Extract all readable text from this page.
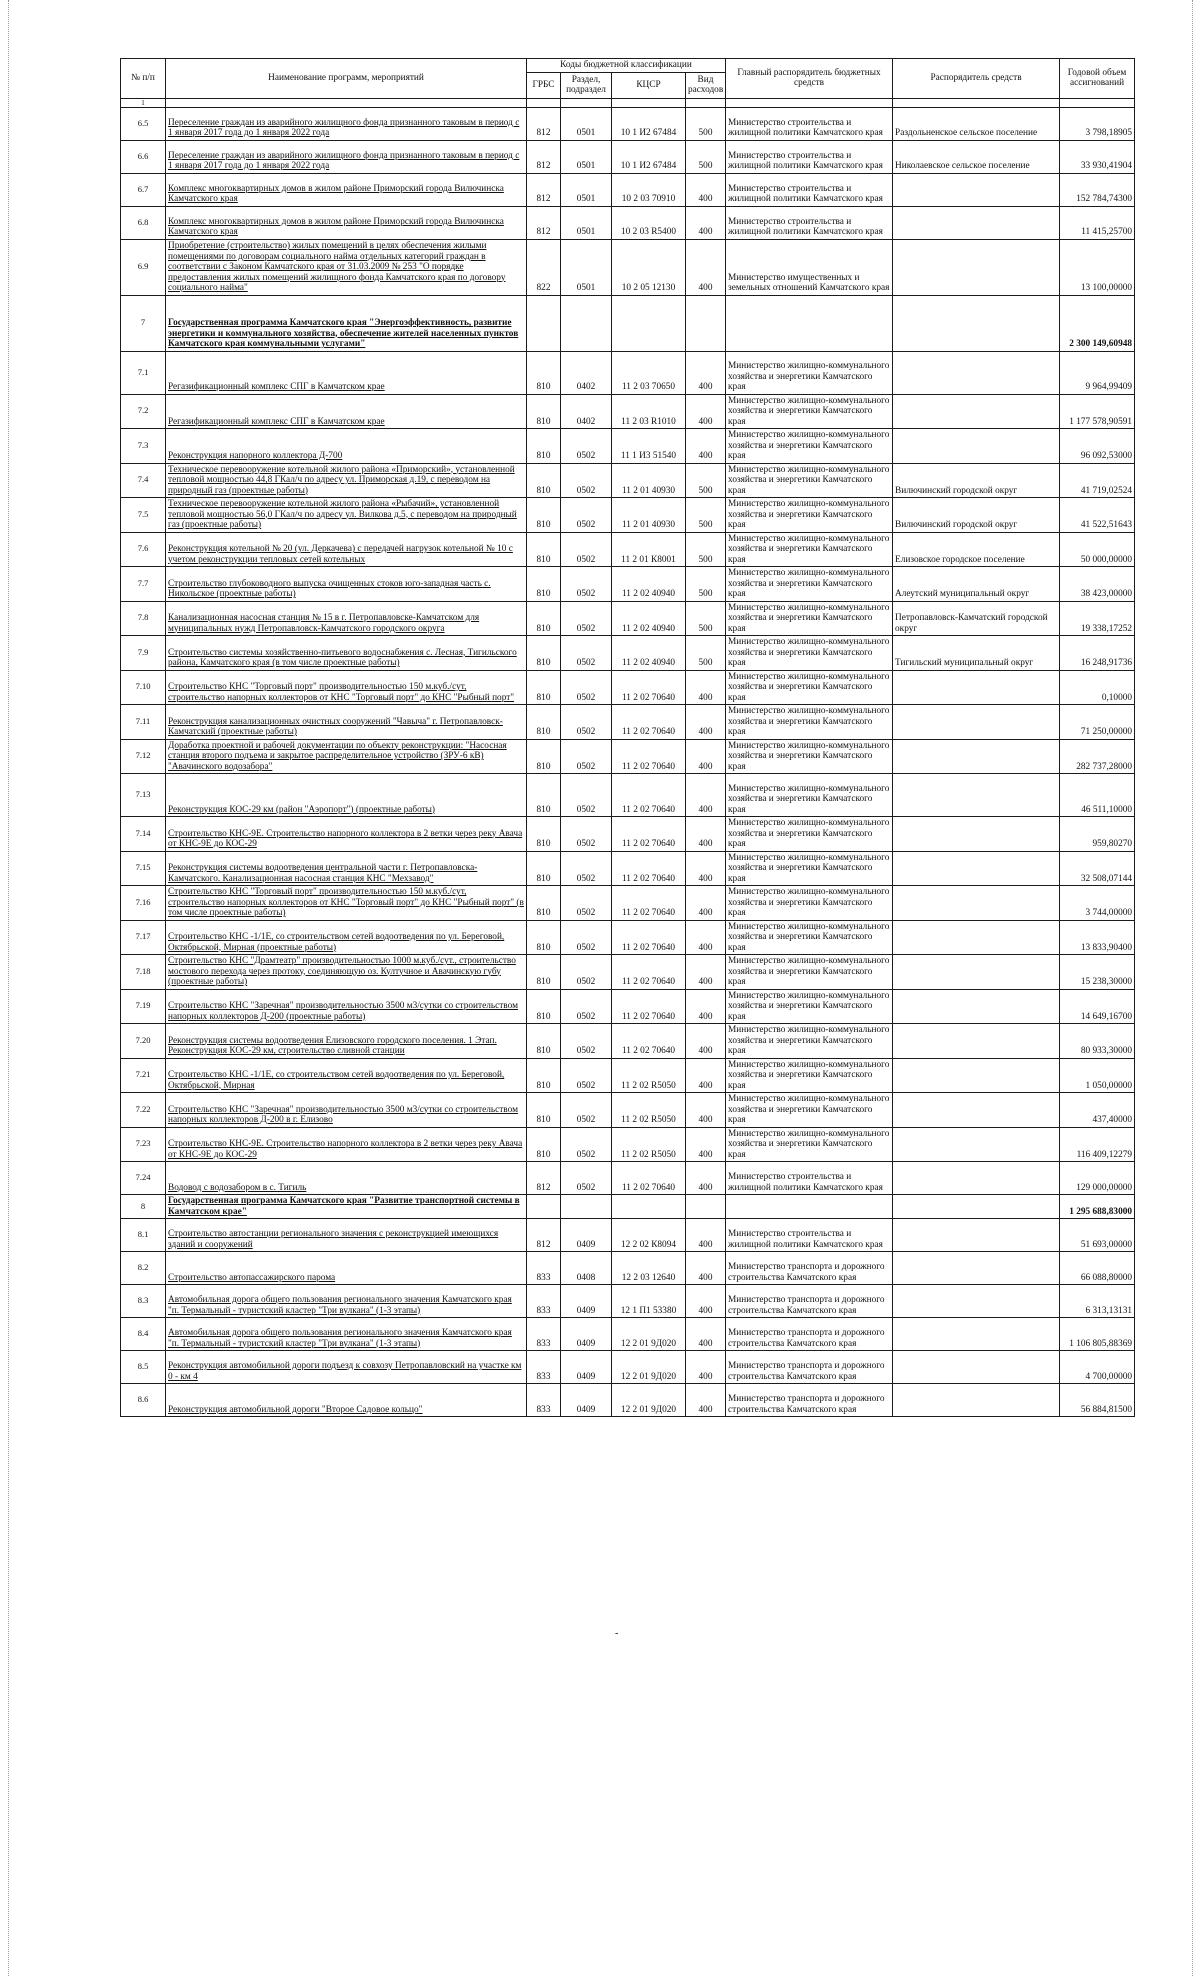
№ п/п	Наименование программ, мероприятий	Коды бюджетной классификации				Главный распорядитель бюджетных средств	Распорядитель средств	Годовой объем ассигнований
		ГРБС	Раздел, подраздел	КЦСР	Вид расходов			
1								
6.5	Переселение граждан из аварийного жилищного фонда признанного таковым в период с 1 января 2017 года до 1 января 2022 года	812	0501	10 1 И2 67484	500	Министерство строительства и жилищной политики Камчатского края	Раздольненское сельское поселение	3 798,18905
6.6	Переселение граждан из аварийного жилищного фонда признанного таковым в период с 1 января 2017 года до 1 января 2022 года	812	0501	10 1 И2 67484	500	Министерство строительства и жилищной политики Камчатского края	Николаевское сельское поселение	33 930,41904
6.7	Комплекс многоквартирных домов в жилом районе Приморский города Вилючинска Камчатского края	812	0501	10 2 03 70910	400	Министерство строительства и жилищной политики Камчатского края		152 784,74300
6.8	Комплекс многоквартирных домов в жилом районе Приморский города Вилючинска Камчатского края	812	0501	10 2 03 R5400	400	Министерство строительства и жилищной политики Камчатского края		11 415,25700
6.9	Приобретение (строительство) жилых помещений в целях обеспечения жилыми помещениями по договорам социального найма отдельных категорий граждан в соответствии с Законом Камчатского края от 31.03.2009 № 253 "О порядке предоставления жилых помещений жилищного фонда Камчатского края по договору социального найма"	822	0501	10 2 05 12130	400	Министерство имущественных и земельных отношений Камчатского края		13 100,00000
7	Государственная программа Камчатского края "Энергоэффективность, развитие энергетики и коммунального хозяйства, обеспечение жителей населенных пунктов Камчатского края коммунальными услугами"							2 300 149,60948
7.1	Регазификационный комплекс СПГ в Камчатском крае	810	0402	11 2 03 70650	400	Министерство жилищно-коммунального хозяйства и энергетики Камчатского края		9 964,99409
7.2	Регазификационный комплекс СПГ в Камчатском крае	810	0402	11 2 03 R1010	400	Министерство жилищно-коммунального хозяйства и энергетики Камчатского края		1 177 578,90591
7.3	Реконструкция напорного коллектора Д-700	810	0502	11 1 И3 51540	400	Министерство жилищно-коммунального хозяйства и энергетики Камчатского края		96 092,53000
7.4	Техническое перевооружение котельной жилого района «Приморский», установленной тепловой мощностью 44,8 ГКал/ч по адресу ул. Приморская д.19, с переводом на природный газ (проектные работы)	810	0502	11 2 01 40930	500	Министерство жилищно-коммунального хозяйства и энергетики Камчатского края	Вилючинский городской округ	41 719,02524
7.5	Техническое перевооружение котельной жилого района «Рыбачий», установленной тепловой мощностью 56,0 ГКал/ч по адресу ул. Вилкова д.5, с переводом на природный газ (проектные работы)	810	0502	11 2 01 40930	500	Министерство жилищно-коммунального хозяйства и энергетики Камчатского края	Вилючинский городской округ	41 522,51643
7.6	Реконструкция котельной № 20 (ул. Деркачева) с передачей нагрузок котельной № 10 с учетом реконструкции тепловых сетей котельных	810	0502	11 2 01 К8001	500	Министерство жилищно-коммунального хозяйства и энергетики Камчатского края	Елизовское городское поселение	50 000,00000
7.7	Строительство глубоководного выпуска очищенных стоков юго-западная часть с. Никольское (проектные работы)	810	0502	11 2 02 40940	500	Министерство жилищно-коммунального хозяйства и энергетики Камчатского края	Алеутский муниципальный округ	38 423,00000
7.8	Канализационная насосная станция № 15 в г. Петропавловске-Камчатском для муниципальных нужд Петропавловск-Камчатского городского округа	810	0502	11 2 02 40940	500	Министерство жилищно-коммунального хозяйства и энергетики Камчатского края	Петропавловск-Камчатский городской округ	19 338,17252
7.9	Строительство системы хозяйственно-питьевого водоснабжения с. Лесная, Тигильского района, Камчатского края (в том числе проектные работы)	810	0502	11 2 02 40940	500	Министерство жилищно-коммунального хозяйства и энергетики Камчатского края	Тигильский муниципальный округ	16 248,91736
7.10	Строительство КНС "Торговый порт" производительностью 150 м.куб./сут, строительство напорных коллекторов от КНС "Торговый порт" до КНС "Рыбный порт"	810	0502	11 2 02 70640	400	Министерство жилищно-коммунального хозяйства и энергетики Камчатского края		0,10000
7.11	Реконструкция канализационных очистных сооружений "Чавыча" г. Петропавловск-Камчатский (проектные работы)	810	0502	11 2 02 70640	400	Министерство жилищно-коммунального хозяйства и энергетики Камчатского края		71 250,00000
7.12	Доработка проектной и рабочей документации по объекту реконструкции: "Насосная станция второго подъема и закрытое распределительное устройство (ЗРУ-6 кВ) "Авачинского водозабора"	810	0502	11 2 02 70640	400	Министерство жилищно-коммунального хозяйства и энергетики Камчатского края		282 737,28000
7.13	Реконструкция КОС-29 км (район "Аэропорт") (проектные работы)	810	0502	11 2 02 70640	400	Министерство жилищно-коммунального хозяйства и энергетики Камчатского края		46 511,10000
7.14	Строительство КНС-9Е. Строительство напорного коллектора в 2 ветки через реку Авача от КНС-9Е до КОС-29	810	0502	11 2 02 70640	400	Министерство жилищно-коммунального хозяйства и энергетики Камчатского края		959,80270
7.15	Реконструкция системы водоотведения центральной части г. Петропавловска-Камчатского. Канализационная насосная станция КНС "Мехзавод"	810	0502	11 2 02 70640	400	Министерство жилищно-коммунального хозяйства и энергетики Камчатского края		32 508,07144
7.16	Строительство КНС "Торговый порт" производительностью 150 м.куб./сут, строительство напорных коллекторов от КНС "Торговый порт" до КНС "Рыбный порт" (в том числе проектные работы)	810	0502	11 2 02 70640	400	Министерство жилищно-коммунального хозяйства и энергетики Камчатского края		3 744,00000
7.17	Строительство КНС -1/1Е, со строительством сетей водоотведения по ул. Береговой, Октябрьской, Мирная (проектные работы)	810	0502	11 2 02 70640	400	Министерство жилищно-коммунального хозяйства и энергетики Камчатского края		13 833,90400
7.18	Строительство КНС "Драмтеатр" производительностью 1000 м.куб./сут., строительство мостового перехода через протоку, соединяющую оз. Култучное и Авачинскую губу (проектные работы)	810	0502	11 2 02 70640	400	Министерство жилищно-коммунального хозяйства и энергетики Камчатского края		15 238,30000
7.19	Строительство КНС "Заречная" производительностью 3500 м3/сутки со строительством напорных коллекторов Д-200 (проектные работы)	810	0502	11 2 02 70640	400	Министерство жилищно-коммунального хозяйства и энергетики Камчатского края		14 649,16700
7.20	Реконструкция системы водоотведения Елизовского городского поселения. 1 Этап. Реконструкция КОС-29 км, строительство сливной станции	810	0502	11 2 02 70640	400	Министерство жилищно-коммунального хозяйства и энергетики Камчатского края		80 933,30000
7.21	Строительство КНС -1/1Е, со строительством сетей водоотведения по ул. Береговой, Октябрьской, Мирная	810	0502	11 2 02 R5050	400	Министерство жилищно-коммунального хозяйства и энергетики Камчатского края		1 050,00000
7.22	Строительство КНС "Заречная" производительностью 3500 м3/сутки со строительством напорных коллекторов Д-200 в г. Елизово	810	0502	11 2 02 R5050	400	Министерство жилищно-коммунального хозяйства и энергетики Камчатского края		437,40000
7.23	Строительство КНС-9Е. Строительство напорного коллектора в 2 ветки через реку Авача от КНС-9Е до КОС-29	810	0502	11 2 02 R5050	400	Министерство жилищно-коммунального хозяйства и энергетики Камчатского края		116 409,12279
7.24	Водовод с водозабором в с. Тигиль	812	0502	11 2 02 70640	400	Министерство строительства и жилищной политики Камчатского края		129 000,00000
8	Государственная программа Камчатского края "Развитие транспортной системы в Камчатском крае"							1 295 688,83000
8.1	Строительство автостанции регионального значения с реконструкцией имеющихся зданий и сооружений	812	0409	12 2 02 К8094	400	Министерство строительства и жилищной политики Камчатского края		51 693,00000
8.2	Строительство автопассажирского парома	833	0408	12 2 03 12640	400	Министерство транспорта и дорожного строительства Камчатского края		66 088,80000
8.3	Автомобильная дорога общего пользования регионального значения Камчатского края "п. Термальный - туристский кластер "Три вулкана" (1-3 этапы)	833	0409	12 1 П1 53380	400	Министерство транспорта и дорожного строительства Камчатского края		6 313,13131
8.4	Автомобильная дорога общего пользования регионального значения Камчатского края "п. Термальный - туристский кластер "Три вулкана" (1-3 этапы)	833	0409	12 2 01 9Д020	400	Министерство транспорта и дорожного строительства Камчатского края		1 106 805,88369
8.5	Реконструкция автомобильной дороги подъезд к совхозу Петропавловский на участке км 0 - км 4	833	0409	12 2 01 9Д020	400	Министерство транспорта и дорожного строительства Камчатского края		4 700,00000
8.6	Реконструкция автомобильной дороги "Второе Садовое кольцо"	833	0409	12 2 01 9Д020	400	Министерство транспорта и дорожного строительства Камчатского края		56 884,81500
-
